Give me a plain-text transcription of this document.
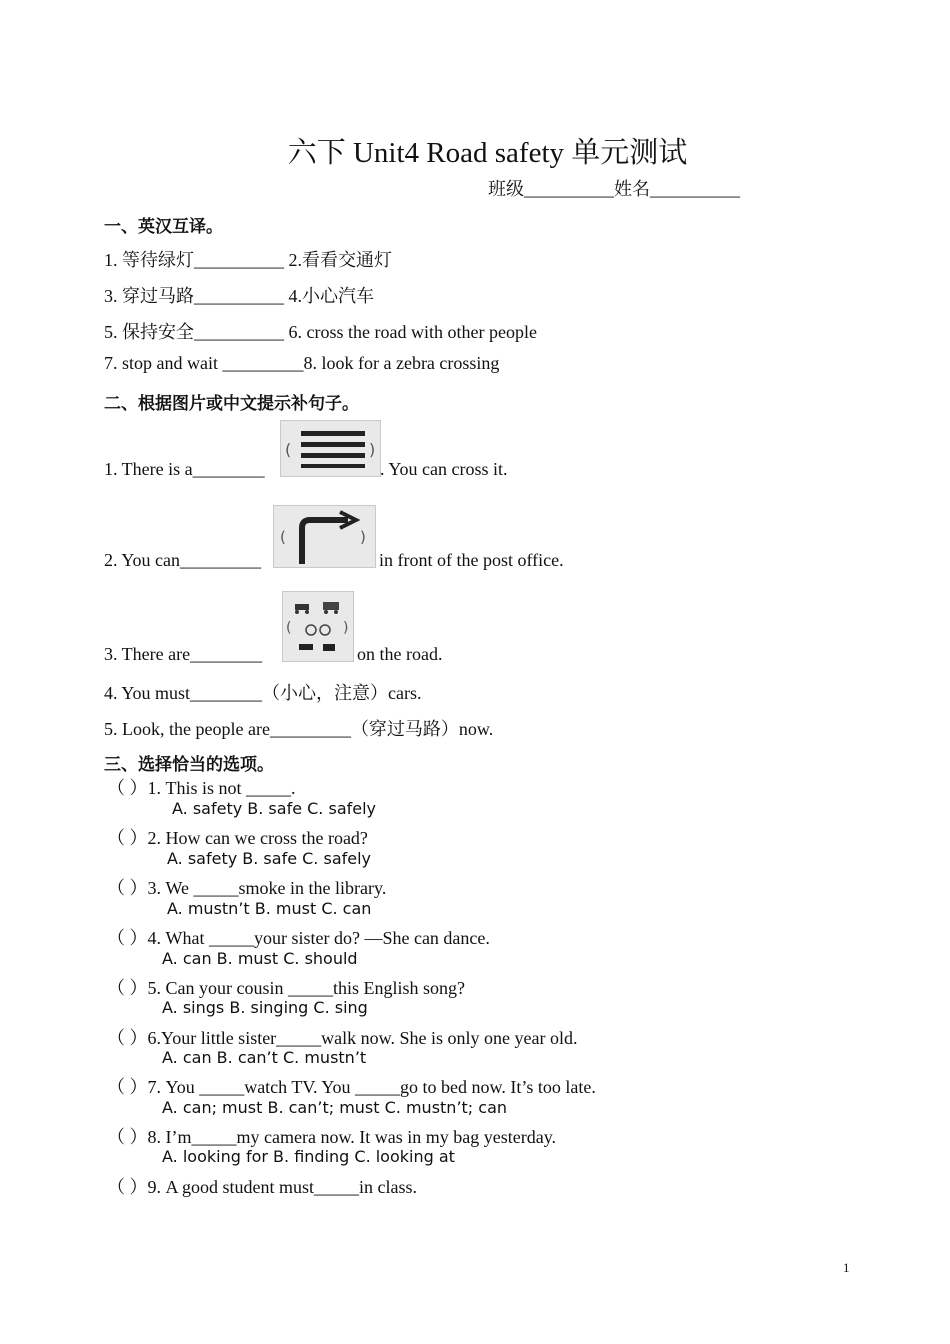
六下 Unit4 Road safety 单元测试
班级__________姓名__________
一、英汉互译。
1. 等待绿灯__________ 2.看看交通灯
3. 穿过马路__________ 4.小心汽车
5. 保持安全__________ 6. cross the road with other people
7. stop and wait _________8. look for a zebra crossing
二、根据图片或中文提示补句子。
1. There is a________
(	)
. You can cross it.
2. You can_________
(	)
in front of the post office.
3. There are________
(	)
on the road.
4. You must________（小心，注意）cars.
5. Look, the people are_________（穿过马路）now.
三、选择恰当的选项。
（ ）1. This is not _____.
A. safety B. safe C. safely
（ ）2. How can we cross the road?
A. safety B. safe C. safely
（ ）3. We _____smoke in the library.
A. mustn’t B. must C. can
（ ）4. What _____your sister do? —She can dance.
A. can B. must C. should
（ ）5. Can your cousin _____this English song?
A. sings B. singing C. sing
（ ）6.Your little sister_____walk now. She is only one year old.
A. can B. can’t C. mustn’t
（ ）7. You _____watch TV. You _____go to bed now. It’s too late.
A. can; must B. can’t; must C. mustn’t; can
（ ）8. I’m_____my camera now. It was in my bag yesterday.
A. looking for B. finding C. looking at
（ ）9. A good student must_____in class.
1
